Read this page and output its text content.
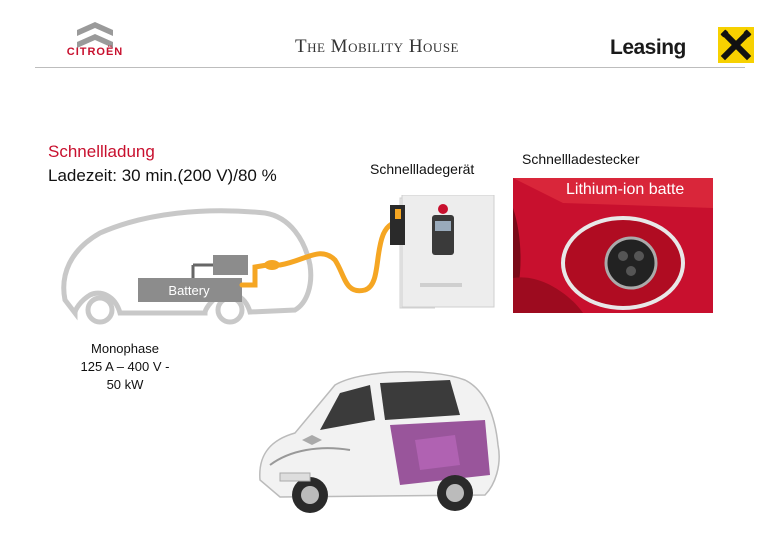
CITROËN	The Mobility House	Leasing
Schnellladung
Ladezeit: 30 min.(200 V)/80 %	Schnellladegerät
Schnellladestecker
Monophase
125 A – 400 V -
50 kW
Battery
Lithium-ion batte
